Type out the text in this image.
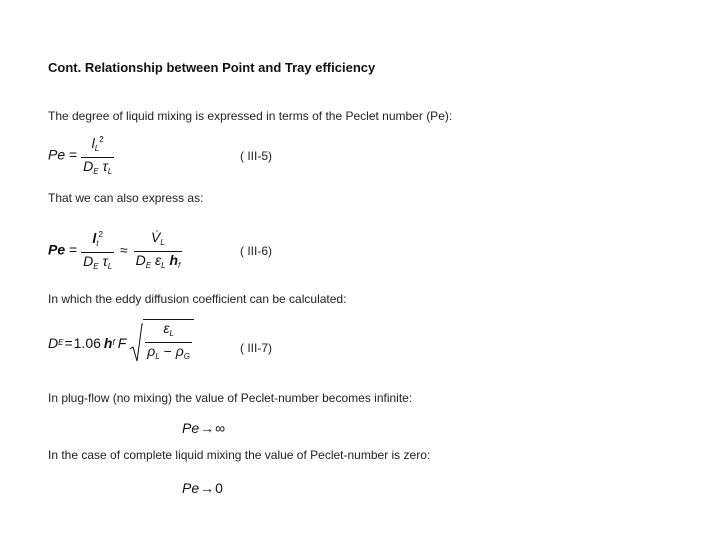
Cont. Relationship between Point and Tray efficiency
The degree of liquid mixing is expressed in terms of the Peclet number (Pe):
$Pe = \frac{l_L^2}{D_E \tau_L}$	( III-5)
That we can also express as:
$Pe = \frac{l_t^2}{D_E \tau_L} \approx \frac{V̇_L}{D_E \varepsilon_L h_f}$	( III-6)
In which the eddy diffusion coefficient can be calculated:
D E = 1.06 h f F $\frac{\varepsilon_L}{\rho_L - \rho_G}$	( III-7)
In plug-flow (no mixing) the value of Peclet-number becomes infinite:
Pe→∞
In the case of complete liquid mixing the value of Peclet-number is zero:
Pe→0
